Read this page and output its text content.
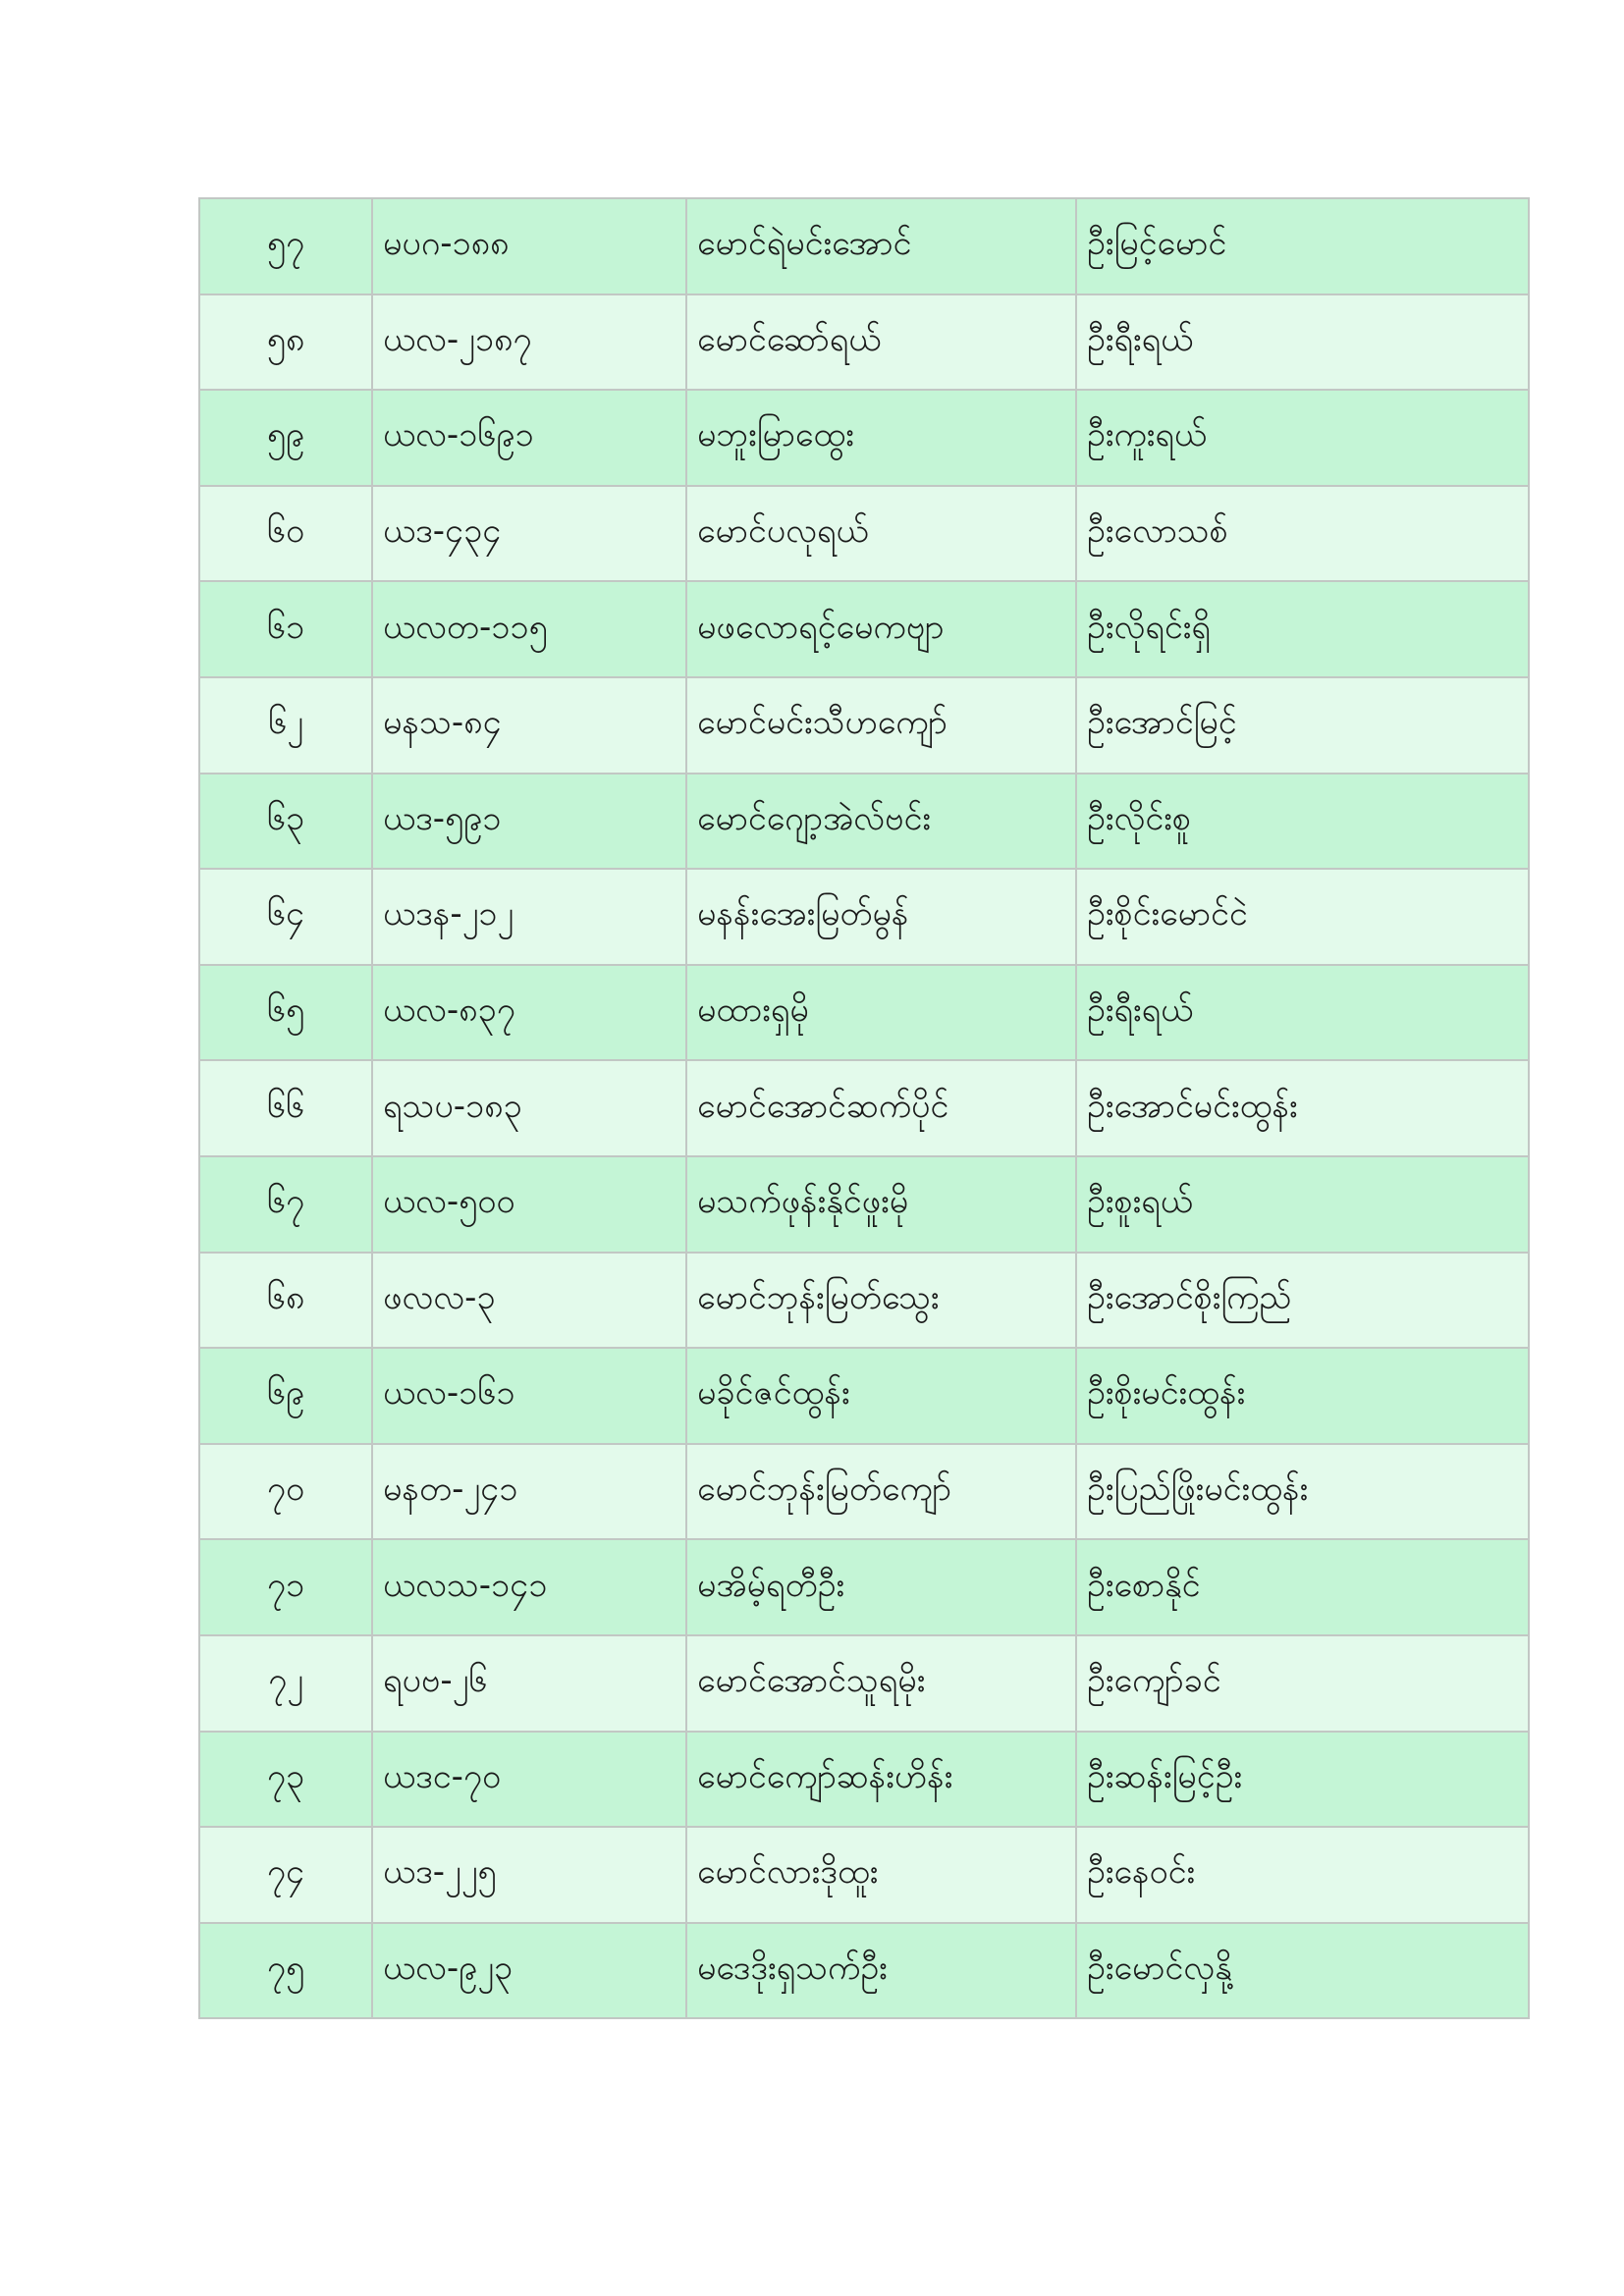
၅၇	မပဂ-၁၈၈	မောင်ရဲမင်းအောင်	ဦးမြင့်မောင်
၅၈	ယလ-၂၁၈၇	မောင်ဆော်ရယ်	ဦးရီးရယ်
၅၉	ယလ-၁၆၉၁	မဘူးမြာထွေး	ဦးကူးရယ်
၆၀	ယဒ-၄၃၄	မောင်ပလုရယ်	ဦးလောသစ်
၆၁	ယလတ-၁၁၅	မဖလောရင့်မေကဗျာ	ဦးလိုရင်းရှိ
၆၂	မနသ-၈၄	မောင်မင်းသီဟကျော်	ဦးအောင်မြင့်
၆၃	ယဒ-၅၉၁	မောင်ဂျော့အဲလ်ဗင်း	ဦးလိုင်းစူ
၆၄	ယဒန-၂၁၂	မနန်းအေးမြတ်မွန်	ဦးစိုင်းမောင်ငဲ
၆၅	ယလ-၈၃၇	မထားရှမို	ဦးရီးရယ်
၆၆	ရသပ-၁၈၃	မောင်အောင်ဆက်ပိုင်	ဦးအောင်မင်းထွန်း
၆၇	ယလ-၅၀၀	မသက်ဖုန်းနိုင်ဖူးမို	ဦးစူးရယ်
၆၈	ဖလလ-၃	မောင်ဘုန်းမြတ်သွေး	ဦးအောင်စိုးကြည်
၆၉	ယလ-၁၆၁	မခိုင်ဇင်ထွန်း	ဦးစိုးမင်းထွန်း
၇၀	မနတ-၂၄၁	မောင်ဘုန်းမြတ်ကျော်	ဦးပြည်ဖြိုးမင်းထွန်း
၇၁	ယလသ-၁၄၁	မအိမ့်ရတီဦး	ဦးစောနိုင်
၇၂	ရပဗ-၂၆	မောင်အောင်သူရမိုး	ဦးကျော်ခင်
၇၃	ယဒင-၇၀	မောင်ကျော်ဆန်းဟိန်း	ဦးဆန်းမြင့်ဦး
၇၄	ယဒ-၂၂၅	မောင်လားဒိုထူး	ဦးနေဝင်း
၇၅	ယလ-၉၂၃	မဒေဒိုးရှသက်ဦး	ဦးမောင်လှနို့
